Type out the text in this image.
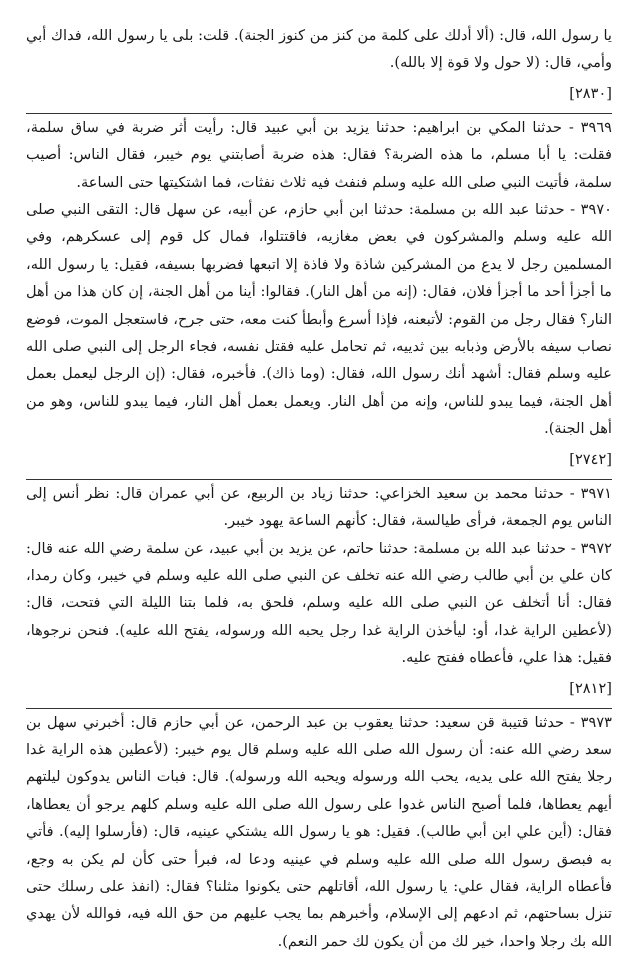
يا رسول الله، قال: (ألا أدلك على كلمة من كنز من كنوز الجنة). قلت: بلى يا رسول الله، فداك أبي وأمي، قال: (لا حول ولا قوة إلا بالله).

[٢٨٣٠]

٣٩٦٩ - حدثنا المكي بن ابراهيم: حدثنا يزيد بن أبي عبيد قال: رأيت أثر ضربة في ساق سلمة، فقلت: يا أبا مسلم، ما هذه الضربة؟ فقال: هذه ضربة أصابتني يوم خيبر، فقال الناس: أصيب سلمة، فأتيت النبي صلى الله عليه وسلم فنفث فيه ثلاث نفثات، فما اشتكيتها حتى الساعة.

٣٩٧٠ - حدثنا عبد الله بن مسلمة: حدثنا ابن أبي حازم، عن أبيه، عن سهل قال: التقى النبي صلى الله عليه وسلم والمشركون في بعض مغازيه، فاقتتلوا، فمال كل قوم إلى عسكرهم، وفي المسلمين رجل لا يدع من المشركين شاذة ولا فاذة إلا اتبعها فضربها بسيفه، فقيل: يا رسول الله، ما أجزأ أحد ما أجزأ فلان، فقال: (إنه من أهل النار). فقالوا: أينا من أهل الجنة، إن كان هذا من أهل النار؟ فقال رجل من القوم: لأتبعنه، فإذا أسرع وأبطأ كنت معه، حتى جرح، فاستعجل الموت، فوضع نصاب سيفه بالأرض وذبابه بين ثدييه، ثم تحامل عليه فقتل نفسه، فجاء الرجل إلى النبي صلى الله عليه وسلم فقال: أشهد أنك رسول الله، فقال: (وما ذاك). فأخبره، فقال: (إن الرجل ليعمل بعمل أهل الجنة، فيما يبدو للناس، وإنه من أهل النار. ويعمل بعمل أهل النار، فيما يبدو للناس، وهو من أهل الجنة).

[٢٧٤٢]

٣٩٧١ - حدثنا محمد بن سعيد الخزاعي: حدثنا زياد بن الربيع، عن أبي عمران قال: نظر أنس إلى الناس يوم الجمعة، فرأى طيالسة، فقال: كأنهم الساعة يهود خيبر.

٣٩٧٢ - حدثنا عبد الله بن مسلمة: حدثنا حاتم، عن يزيد بن أبي عبيد، عن سلمة رضي الله عنه قال: كان علي بن أبي طالب رضي الله عنه تخلف عن النبي صلى الله عليه وسلم في خيبر، وكان رمدا، فقال: أنا أتخلف عن النبي صلى الله عليه وسلم، فلحق به، فلما بتنا الليلة التي فتحت، قال: (لأعطين الراية غدا، أو: ليأخذن الراية غدا رجل يحبه الله ورسوله، يفتح الله عليه). فنحن نرجوها، فقيل: هذا علي، فأعطاه ففتح عليه.

[٢٨١٢]

٣٩٧٣ - حدثنا قتيبة قن سعيد: حدثنا يعقوب بن عبد الرحمن، عن أبي حازم قال: أخبرني سهل بن سعد رضي الله عنه: أن رسول الله صلى الله عليه وسلم قال يوم خيبر: (لأعطين هذه الراية غدا رجلا يفتح الله على يديه، يحب الله ورسوله ويحبه الله ورسوله). قال: فبات الناس يدوكون ليلتهم أيهم يعطاها، فلما أصبح الناس غدوا على رسول الله صلى الله عليه وسلم كلهم يرجو أن يعطاها، فقال: (أين علي ابن أبي طالب). فقيل: هو يا رسول الله يشتكي عينيه، قال: (فأرسلوا إليه). فأتي به فبصق رسول الله صلى الله عليه وسلم في عينيه ودعا له، فبرأ حتى كأن لم يكن به وجع، فأعطاه الراية، فقال علي: يا رسول الله، أقاتلهم حتى يكونوا مثلنا؟ فقال: (انفذ على رسلك حتى تنزل بساحتهم، ثم ادعهم إلى الإسلام، وأخبرهم بما يجب عليهم من حق الله فيه، فوالله لأن يهدي الله بك رجلا واحدا، خير لك من أن يكون لك حمر النعم).
